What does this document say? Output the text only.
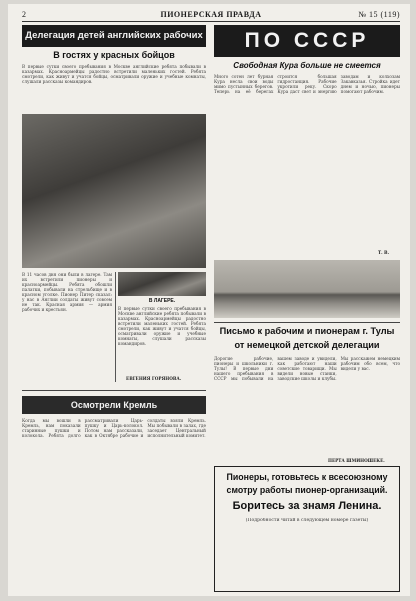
2	ПИОНЕРСКАЯ ПРАВДА	№ 15 (119)
Делегация детей английских рабочих
В гостях у красных бойцов
В первые сутки своего пребывания в Москве английские ребята побывали в казармах. Красноармейцы радостно встретили маленьких гостей. Ребята смотрели, как живут и учатся бойцы, осматривали оружие и учебные комнаты, слушали рассказы командиров.
В 11 часов дня они были в лагере. Там их встретили пионеры и красноармейцы. Ребята обошли палатки, побывали на стрельбище и в красном уголке. Пионер Питер сказал: у нас в Англии солдаты живут совсем не так. Красная армия — армия рабочих и крестьян.
В ЛАГЕРЕ.
В первые сутки своего пребывания в Москве английские ребята побывали в казармах. Красноармейцы радостно встретили маленьких гостей. Ребята смотрели, как живут и учатся бойцы, осматривали оружие и учебные комнаты, слушали рассказы командиров.
ЕВГЕНИЯ ГОРЯНОВА.
ПО СССР
Свободная Кура больше не смеется
Много сотен лет бурная Кура несла свои воды мимо пустынных берегов. Теперь на её берегах строится большая гидростанция. Рабочие укротили реку. Скоро Кура даст свет и энергию заводам и колхозам Закавказья. Стройка идет днем и ночью, пионеры помогают рабочим.
Т. В.
Письмо к рабочим и пионерам г. Тулы
от немецкой детской делегации
Дорогие рабочие, пионеры и школьники г. Тулы! В первые дни нашего пребывания в СССР мы побывали на вашем заводе и увидели, как работают наши советские товарищи. Мы видели новые станки, заводские школы и клубы. Мы расскажем немецким рабочим обо всем, что видели у вас.
ПЕРТА ШМИНОШЕКЕ.
Осмотрели Кремль
Когда мы вошли в Кремль, нам показали старинные пушки и колокола. Ребята долго рассматривали Царь-пушку и Царь-колокол. Потом нам рассказали, как в Октябре рабочие и солдаты взяли Кремль. Мы побывали в залах, где заседает Центральный исполнительный комитет.
Пионеры, готовьтесь к всесоюзному
смотру работы пионер-организаций.
Боритесь за знамя Ленина.
(Подробности читай в следующем номере газеты)
